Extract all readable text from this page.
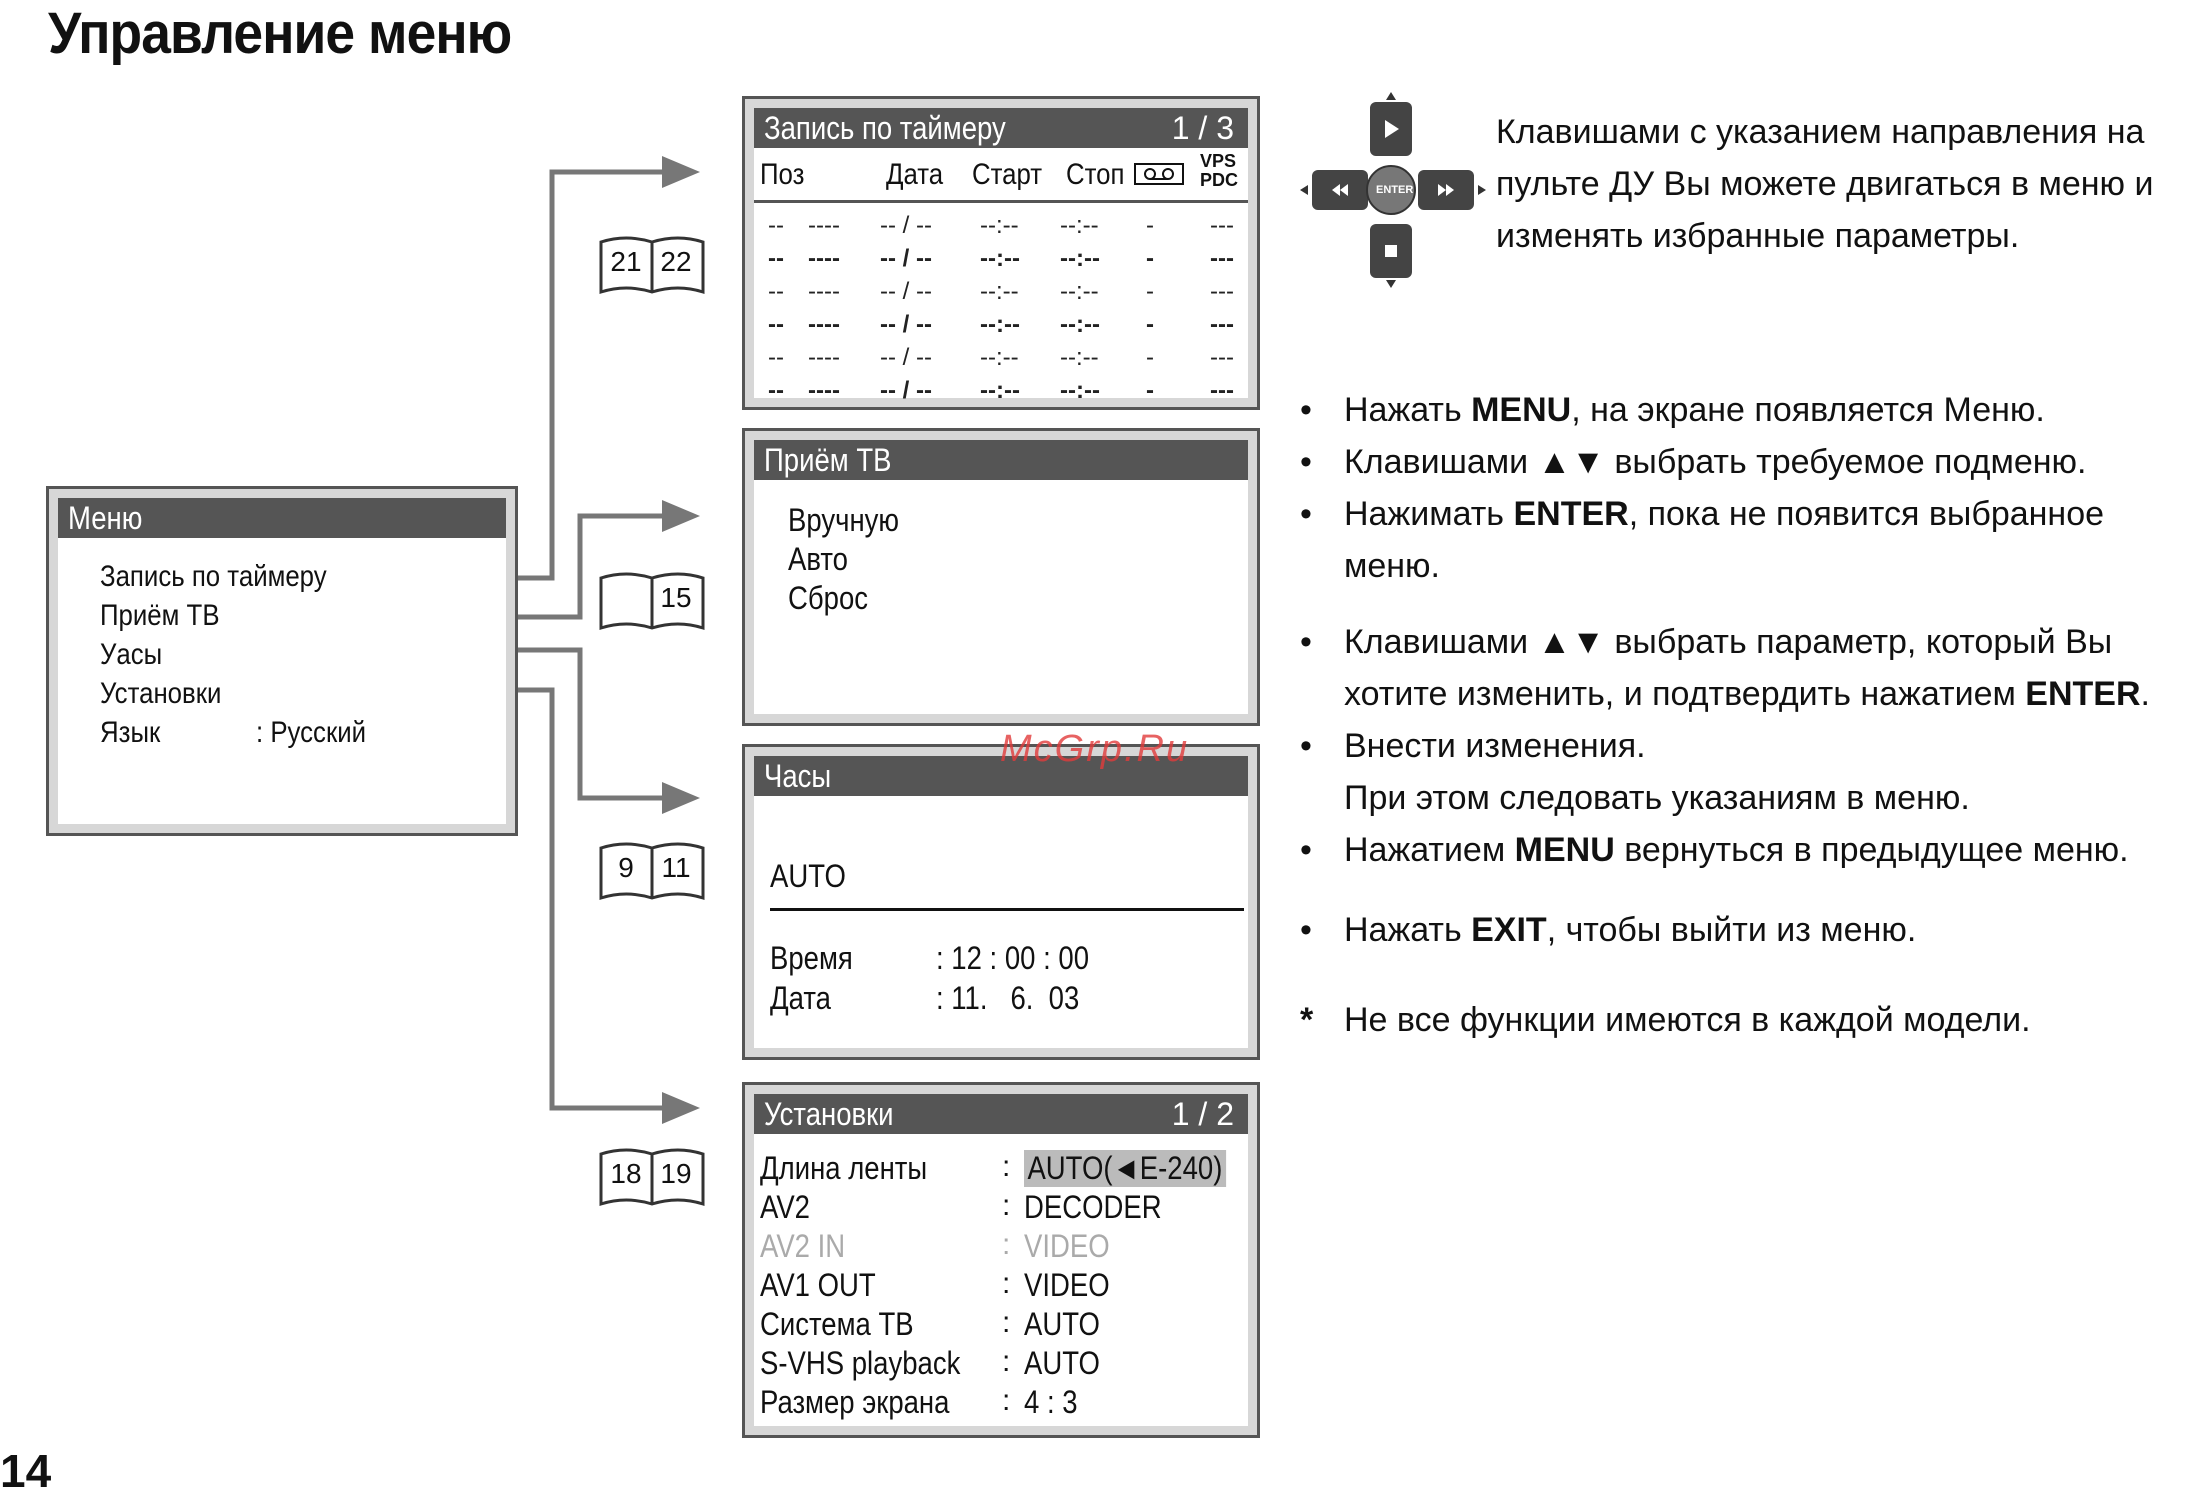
Управление меню
14
Меню
Запись по таймеру
Приём ТВ
Уасы
Установки
Язык	: Русский
Запись по таймеру	1 / 3
Поз	Дата Старт Стоп	VPS
PDC
-- ---- -- / -- --:-- --:-- - ---
-- ---- -- / -- --:-- --:-- - ---
-- ---- -- / -- --:-- --:-- - ---
-- ---- -- / -- --:-- --:-- - ---
-- ---- -- / -- --:-- --:-- - ---
-- ---- -- / -- --:-- --:-- - ---
Приём ТВ
Вручную
Авто
Сброс
Часы
AUTO
Время	: 12 : 00 : 00
Дата	: 11.   6.  03
Установки	1 / 2
Длина ленты : AUTO(◄E-240)
AV2	: DECODER
AV2 IN	: VIDEO
AV1 OUT	: VIDEO
Система ТВ	: AUTO
S-VHS playback : AUTO
Размер экрана : 4 : 3
21 22
15
9 11
18 19
ENTER
Клавишами с указанием направления на
пульте ДУ Вы можете двигаться в меню и
изменять избранные параметры.
• Нажать MENU, на экране появляется Меню.
• Клавишами ▲▼ выбрать требуемое подменю.
• Нажимать ENTER, пока не появится выбранное
меню.
• Клавишами ▲▼ выбрать параметр, который Вы
хотите изменить, и подтвердить нажатием ENTER.
• Внести изменения.
При этом следовать указаниям в меню.
• Нажатием MENU вернуться в предыдущее меню.
• Нажать EXIT, чтобы выйти из меню.
* Не все функции имеются в каждой модели.
McGrp.Ru
